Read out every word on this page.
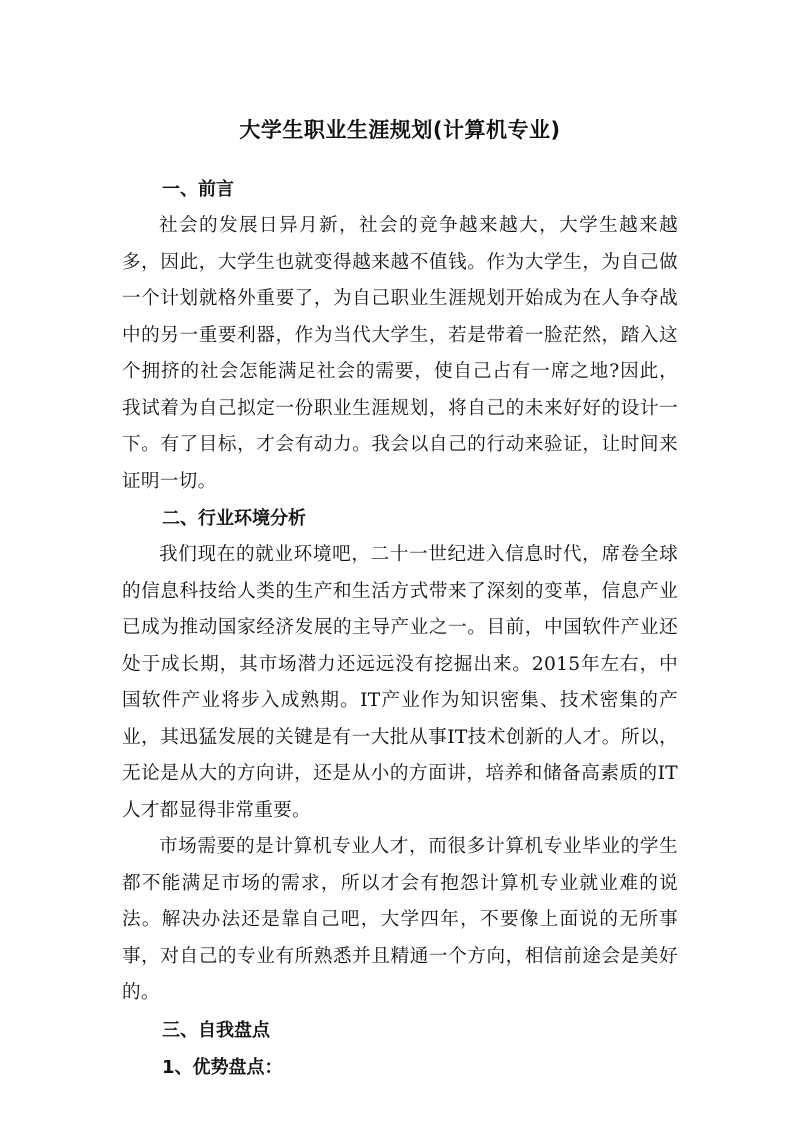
大学生职业生涯规划(计算机专业)
一、前言

社会的发展日异月新，社会的竞争越来越大，大学生越来越多，因此，大学生也就变得越来越不值钱。作为大学生，为自己做一个计划就格外重要了，为自己职业生涯规划开始成为在人争夺战中的另一重要利器，作为当代大学生，若是带着一脸茫然，踏入这个拥挤的社会怎能满足社会的需要，使自己占有一席之地?因此，我试着为自己拟定一份职业生涯规划，将自己的未来好好的设计一下。有了目标，才会有动力。我会以自己的行动来验证，让时间来证明一切。

二、行业环境分析

我们现在的就业环境吧，二十一世纪进入信息时代，席卷全球的信息科技给人类的生产和生活方式带来了深刻的变革，信息产业已成为推动国家经济发展的主导产业之一。目前，中国软件产业还处于成长期，其市场潜力还远远没有挖掘出来。2015年左右，中国软件产业将步入成熟期。IT产业作为知识密集、技术密集的产业，其迅猛发展的关键是有一大批从事IT技术创新的人才。所以，无论是从大的方向讲，还是从小的方面讲，培养和储备高素质的IT人才都显得非常重要。

市场需要的是计算机专业人才，而很多计算机专业毕业的学生都不能满足市场的需求，所以才会有抱怨计算机专业就业难的说法。解决办法还是靠自己吧，大学四年，不要像上面说的无所事事，对自己的专业有所熟悉并且精通一个方向，相信前途会是美好的。

三、自我盘点
1、优势盘点：
